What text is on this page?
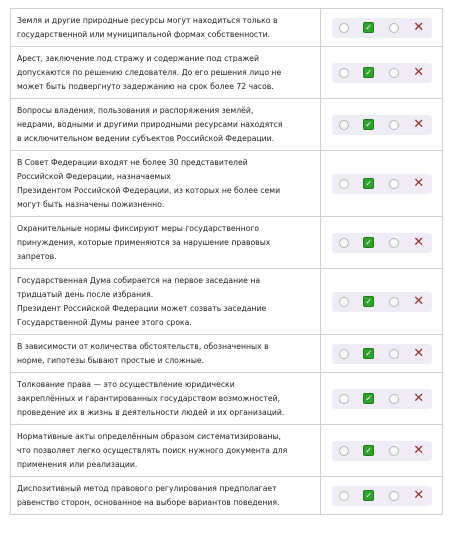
Земля и другие природные ресурсы могут находиться только в
государственной или муниципальной формах собственности.
✓	✕
Арест, заключение под стражу и содержание под стражей
допускаются по решению следователя. До его решения лицо не
может быть подвергнуто задержанию на срок более 72 часов.
✓	✕
Вопросы владения, пользования и распоряжения землёй,
недрами, водными и другими природными ресурсами находятся
в исключительном ведении субъектов Российской Федерации.
✓	✕
В Совет Федерации входят не более 30 представителей
Российской Федерации, назначаемых
Президентом Российской Федерации, из которых не более семи
могут быть назначены пожизненно.
✓	✕
Охранительные нормы фиксируют меры государственного
принуждения, которые применяются за нарушение правовых
запретов.
✓	✕
Государственная Дума собирается на первое заседание на
тридцатый день после избрания.
Президент Российской Федерации может созвать заседание
Государственной Думы ранее этого срока.
✓	✕
В зависимости от количества обстоятельств, обозначенных в
норме, гипотезы бывают простые и сложные.
✓	✕
Толкование права — это осуществление юридически
закреплённых и гарантированных государством возможностей,
проведение их в жизнь в деятельности людей и их организаций.
✓	✕
Нормативные акты определённым образом систематизированы,
что позволяет легко осуществлять поиск нужного документа для
применения или реализации.
✓	✕
Диспозитивный метод правового регулирования предполагает
равенство сторон, основанное на выборе вариантов поведения.
✓	✕
